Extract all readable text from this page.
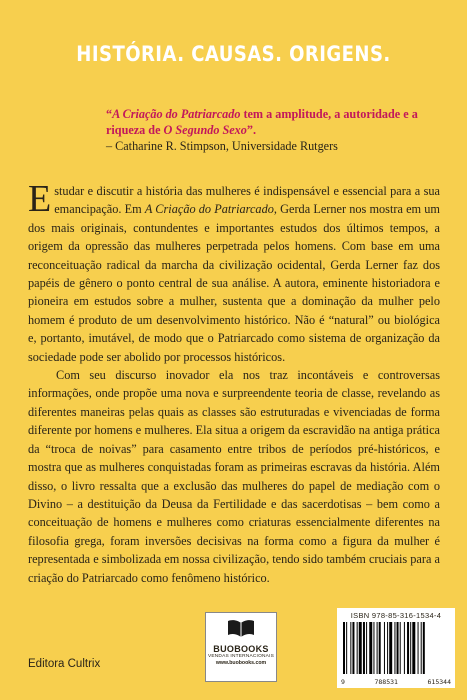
HISTÓRIA. CAUSAS. ORIGENS.
“A Criação do Patriarcado tem a amplitude, a autoridade e a riqueza de O Segundo Sexo”.
– Catharine R. Stimpson, Universidade Rutgers

Estudar e discutir a história das mulheres é indispensável e essencial para a sua emancipação. Em A Criação do Patriarcado, Gerda Lerner nos mostra em um dos mais originais, contundentes e importantes estudos dos últimos tempos, a origem da opressão das mulheres perpetrada pelos homens. Com base em uma reconceituação radical da marcha da civilização ocidental, Gerda Lerner faz dos papéis de gênero o ponto central de sua análise. A autora, eminente historiadora e pioneira em estudos sobre a mulher, sustenta que a dominação da mulher pelo homem é produto de um desenvolvimento histórico. Não é “natural” ou biológica e, portanto, imutável, de modo que o Patriarcado como sistema de organização da sociedade pode ser abolido por processos históricos.

Com seu discurso inovador ela nos traz incontáveis e controversas informações, onde propõe uma nova e surpreendente teoria de classe, revelando as diferentes maneiras pelas quais as classes são estruturadas e vivenciadas de forma diferente por homens e mulheres. Ela situa a origem da escravidão na antiga prática da “troca de noivas” para casamento entre tribos de períodos pré-históricos, e mostra que as mulheres conquistadas foram as primeiras escravas da história. Além disso, o livro ressalta que a exclusão das mulheres do papel de mediação com o Divino – a destituição da Deusa da Fertilidade e das sacerdotisas – bem como a conceituação de homens e mulheres como criaturas essencialmente diferentes na filosofia grega, foram inversões decisivas na forma como a figura da mulher é representada e simbolizada em nossa civilização, tendo sido também cruciais para a criação do Patriarcado como fenômeno histórico.

Editora Cultrix
BUOBOOKS
VENDAS INTERNACIONAIS
www.buobooks.com
ISBN 978-85-316-1534-4
9	788531	615344
